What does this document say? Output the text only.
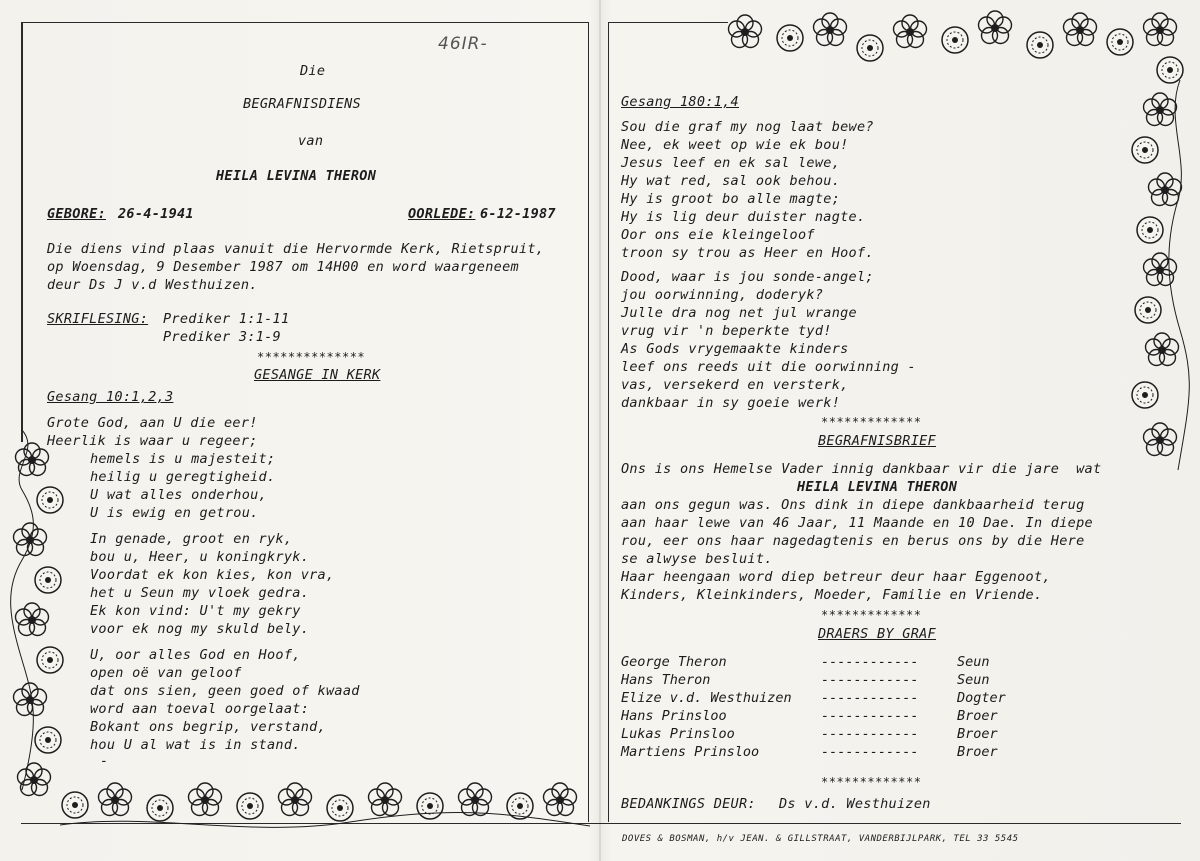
46IR-
Die
BEGRAFNISDIENS
van
HEILA LEVINA THERON
GEBORE: 26-4-1941	OORLEDE: 6-12-1987
Die diens vind plaas vanuit die Hervormde Kerk, Rietspruit,
op Woensdag, 9 Desember 1987 om 14H00 en word waargeneem
deur Ds J v.d Westhuizen.
SKRIFLESING: Prediker 1:1-11
Prediker 3:1-9
**************
GESANGE IN KERK
Gesang 10:1,2,3
Grote God, aan U die eer!
Heerlik is waar u regeer;
hemels is u majesteit;
heilig u geregtigheid.
U wat alles onderhou,
U is ewig en getrou.
In genade, groot en ryk,
bou u, Heer, u koningkryk.
Voordat ek kon kies, kon vra,
het u Seun my vloek gedra.
Ek kon vind: U't my gekry
voor ek nog my skuld bely.
U, oor alles God en Hoof,
open oë van geloof
dat ons sien, geen goed of kwaad
word aan toeval oorgelaat:
Bokant ons begrip, verstand,
hou U al wat is in stand.
-
Gesang 180:1,4
Sou die graf my nog laat bewe?
Nee, ek weet op wie ek bou!
Jesus leef en ek sal lewe,
Hy wat red, sal ook behou.
Hy is groot bo alle magte;
Hy is lig deur duister nagte.
Oor ons eie kleingeloof
troon sy trou as Heer en Hoof.
Dood, waar is jou sonde-angel;
jou oorwinning, doderyk?
Julle dra nog net jul wrange
vrug vir 'n beperkte tyd!
As Gods vrygemaakte kinders
leef ons reeds uit die oorwinning -
vas, versekerd en versterk,
dankbaar in sy goeie werk!
*************
BEGRAFNISBRIEF
Ons is ons Hemelse Vader innig dankbaar vir die jare  wat
HEILA LEVINA THERON
aan ons gegun was. Ons dink in diepe dankbaarheid terug
aan haar lewe van 46 Jaar, 11 Maande en 10 Dae. In diepe
rou, eer ons haar nagedagtenis en berus ons by die Here
se alwyse besluit.
Haar heengaan word diep betreur deur haar Eggenoot,
Kinders, Kleinkinders, Moeder, Familie en Vriende.
*************
DRAERS BY GRAF
George Theron	------------	Seun
Hans Theron	------------	Seun
Elize v.d. Westhuizen ------------	Dogter
Hans Prinsloo	------------	Broer
Lukas Prinsloo	------------	Broer
Martiens Prinsloo	------------	Broer
*************
BEDANKINGS DEUR: Ds v.d. Westhuizen
DOVES & BOSMAN, h/v JEAN. & GILLSTRAAT, VANDERBIJLPARK, TEL 33 5545
